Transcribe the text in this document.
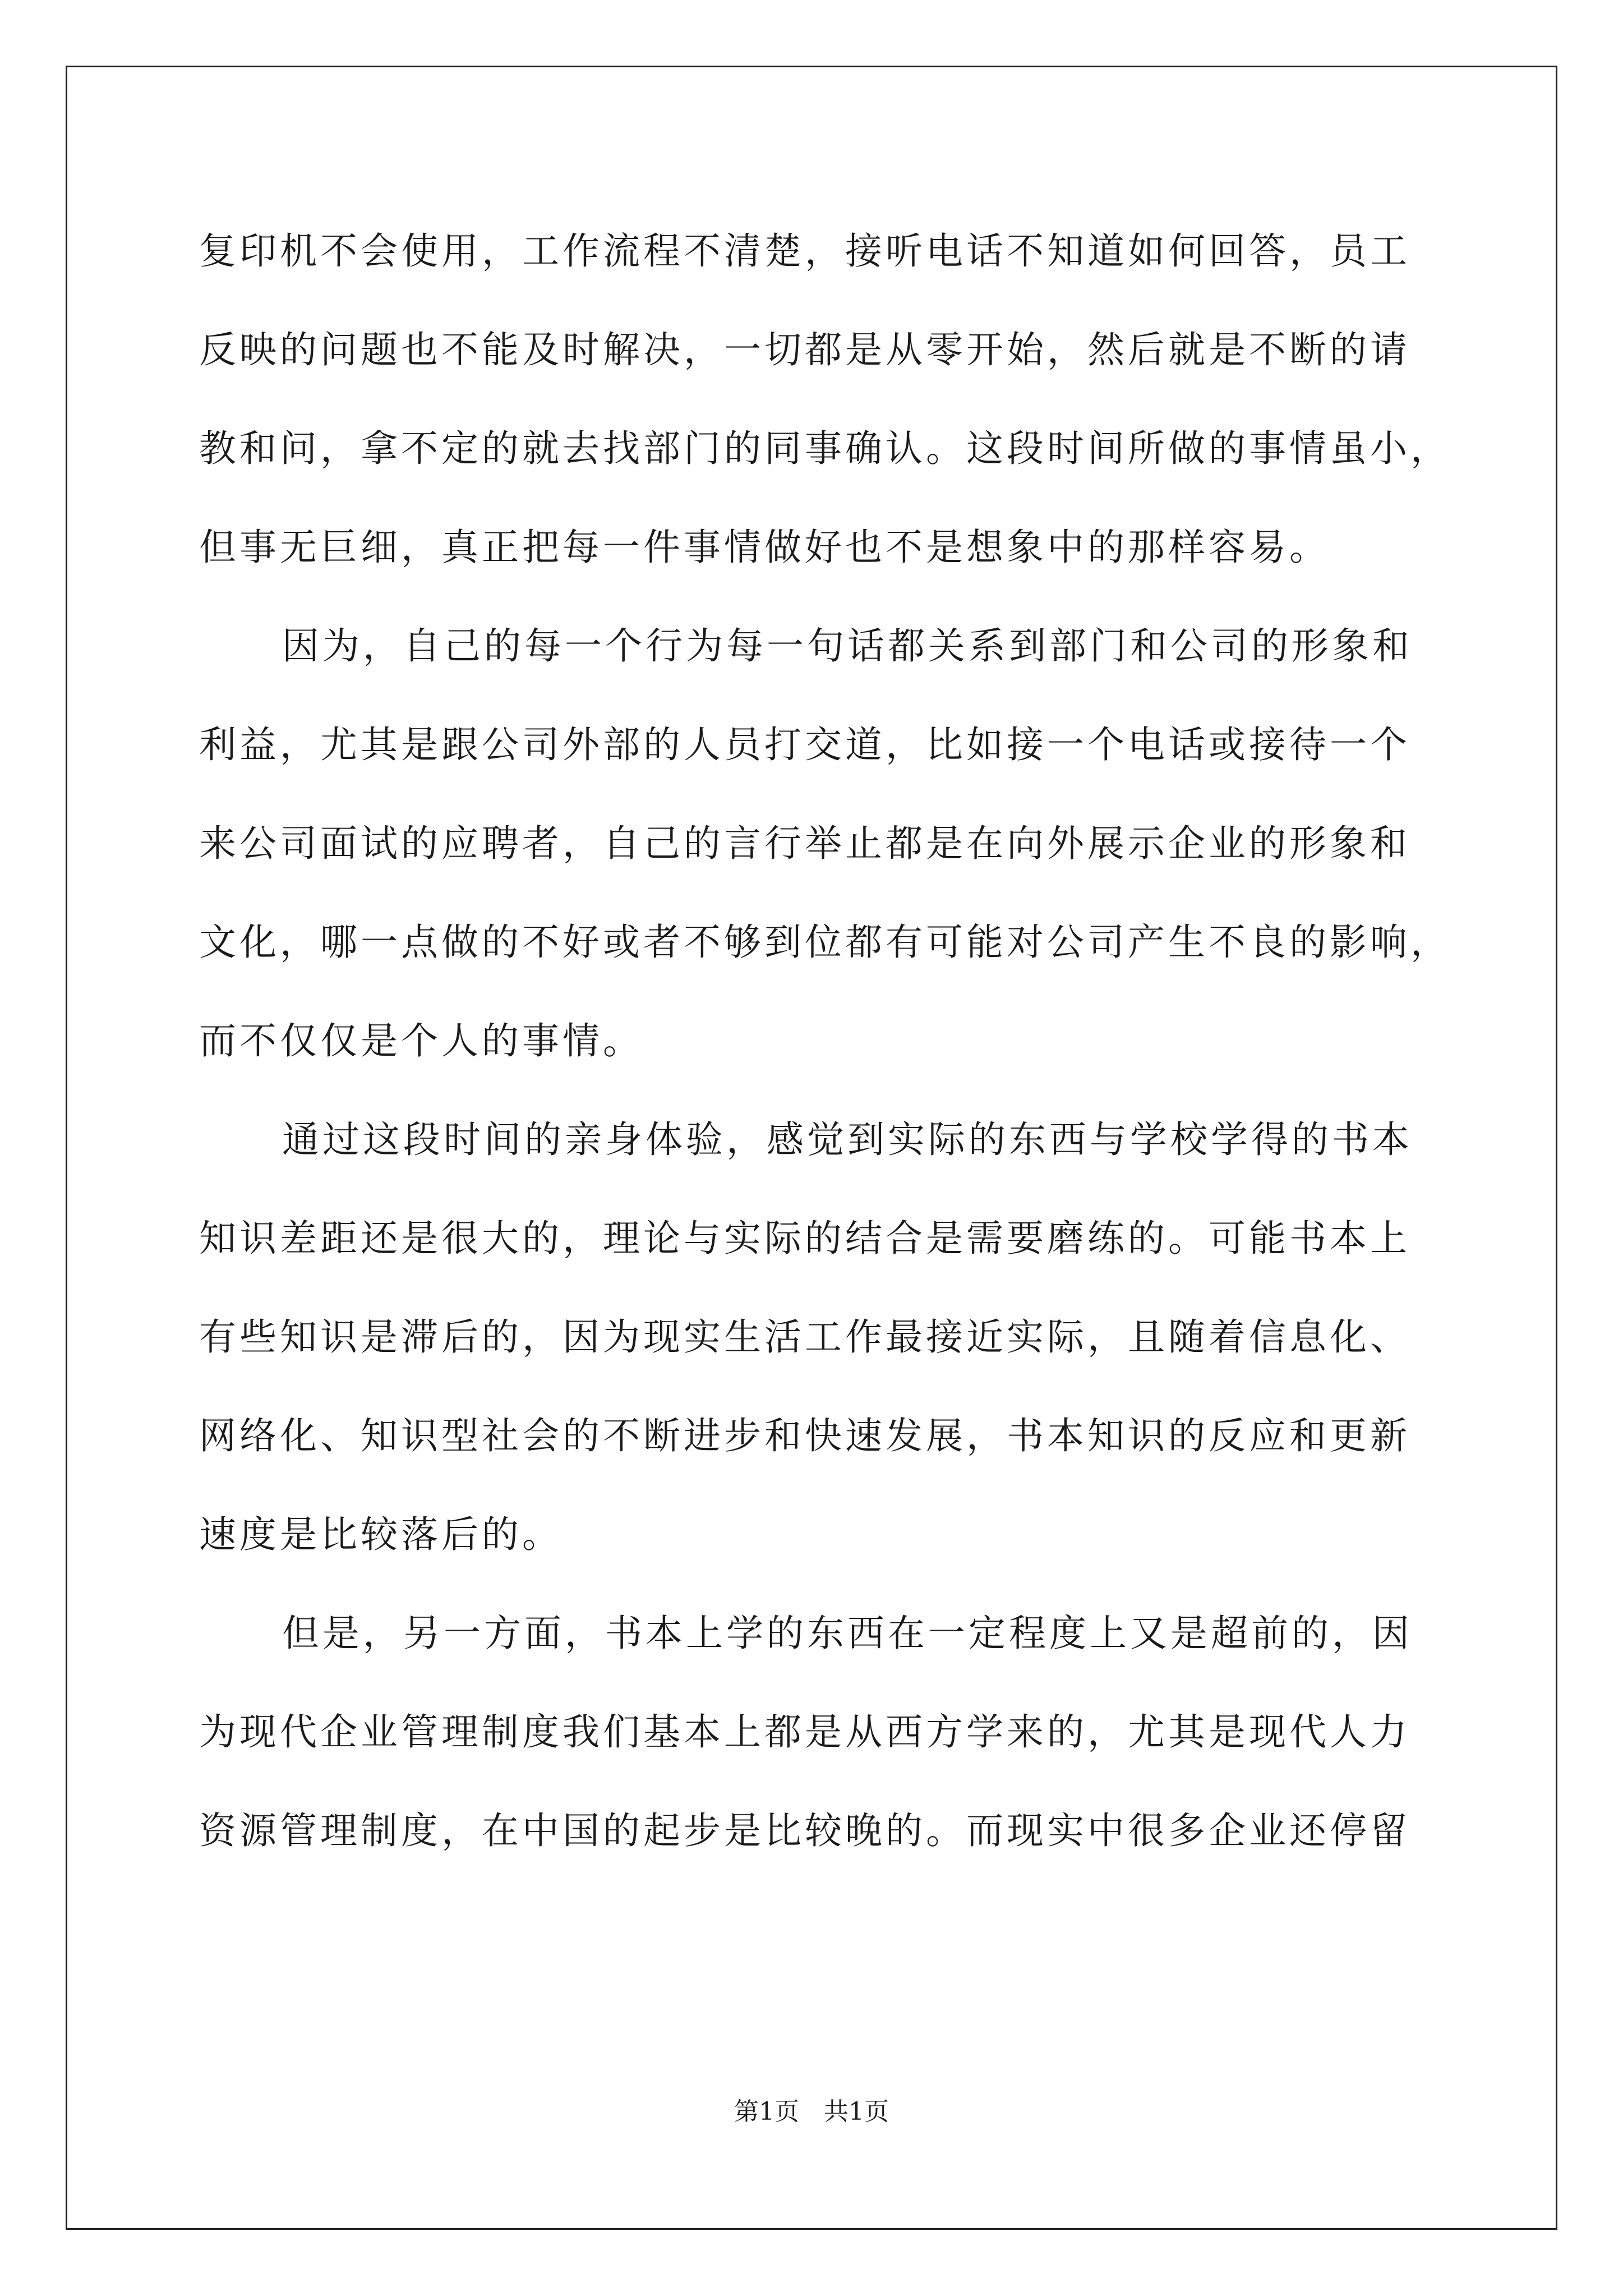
复印机不会使用，工作流程不清楚，接听电话不知道如何回答，员工
反映的问题也不能及时解决，一切都是从零开始，然后就是不断的请
教和问，拿不定的就去找部门的同事确认。这段时间所做的事情虽小，
但事无巨细，真正把每一件事情做好也不是想象中的那样容易。
因为，自己的每一个行为每一句话都关系到部门和公司的形象和
利益，尤其是跟公司外部的人员打交道，比如接一个电话或接待一个
来公司面试的应聘者，自己的言行举止都是在向外展示企业的形象和
文化，哪一点做的不好或者不够到位都有可能对公司产生不良的影响，
而不仅仅是个人的事情。
通过这段时间的亲身体验，感觉到实际的东西与学校学得的书本
知识差距还是很大的，理论与实际的结合是需要磨练的。可能书本上
有些知识是滞后的，因为现实生活工作最接近实际，且随着信息化、
网络化、知识型社会的不断进步和快速发展，书本知识的反应和更新
速度是比较落后的。
但是，另一方面，书本上学的东西在一定程度上又是超前的，因
为现代企业管理制度我们基本上都是从西方学来的，尤其是现代人力
资源管理制度，在中国的起步是比较晚的。而现实中很多企业还停留
第1页　共1页
